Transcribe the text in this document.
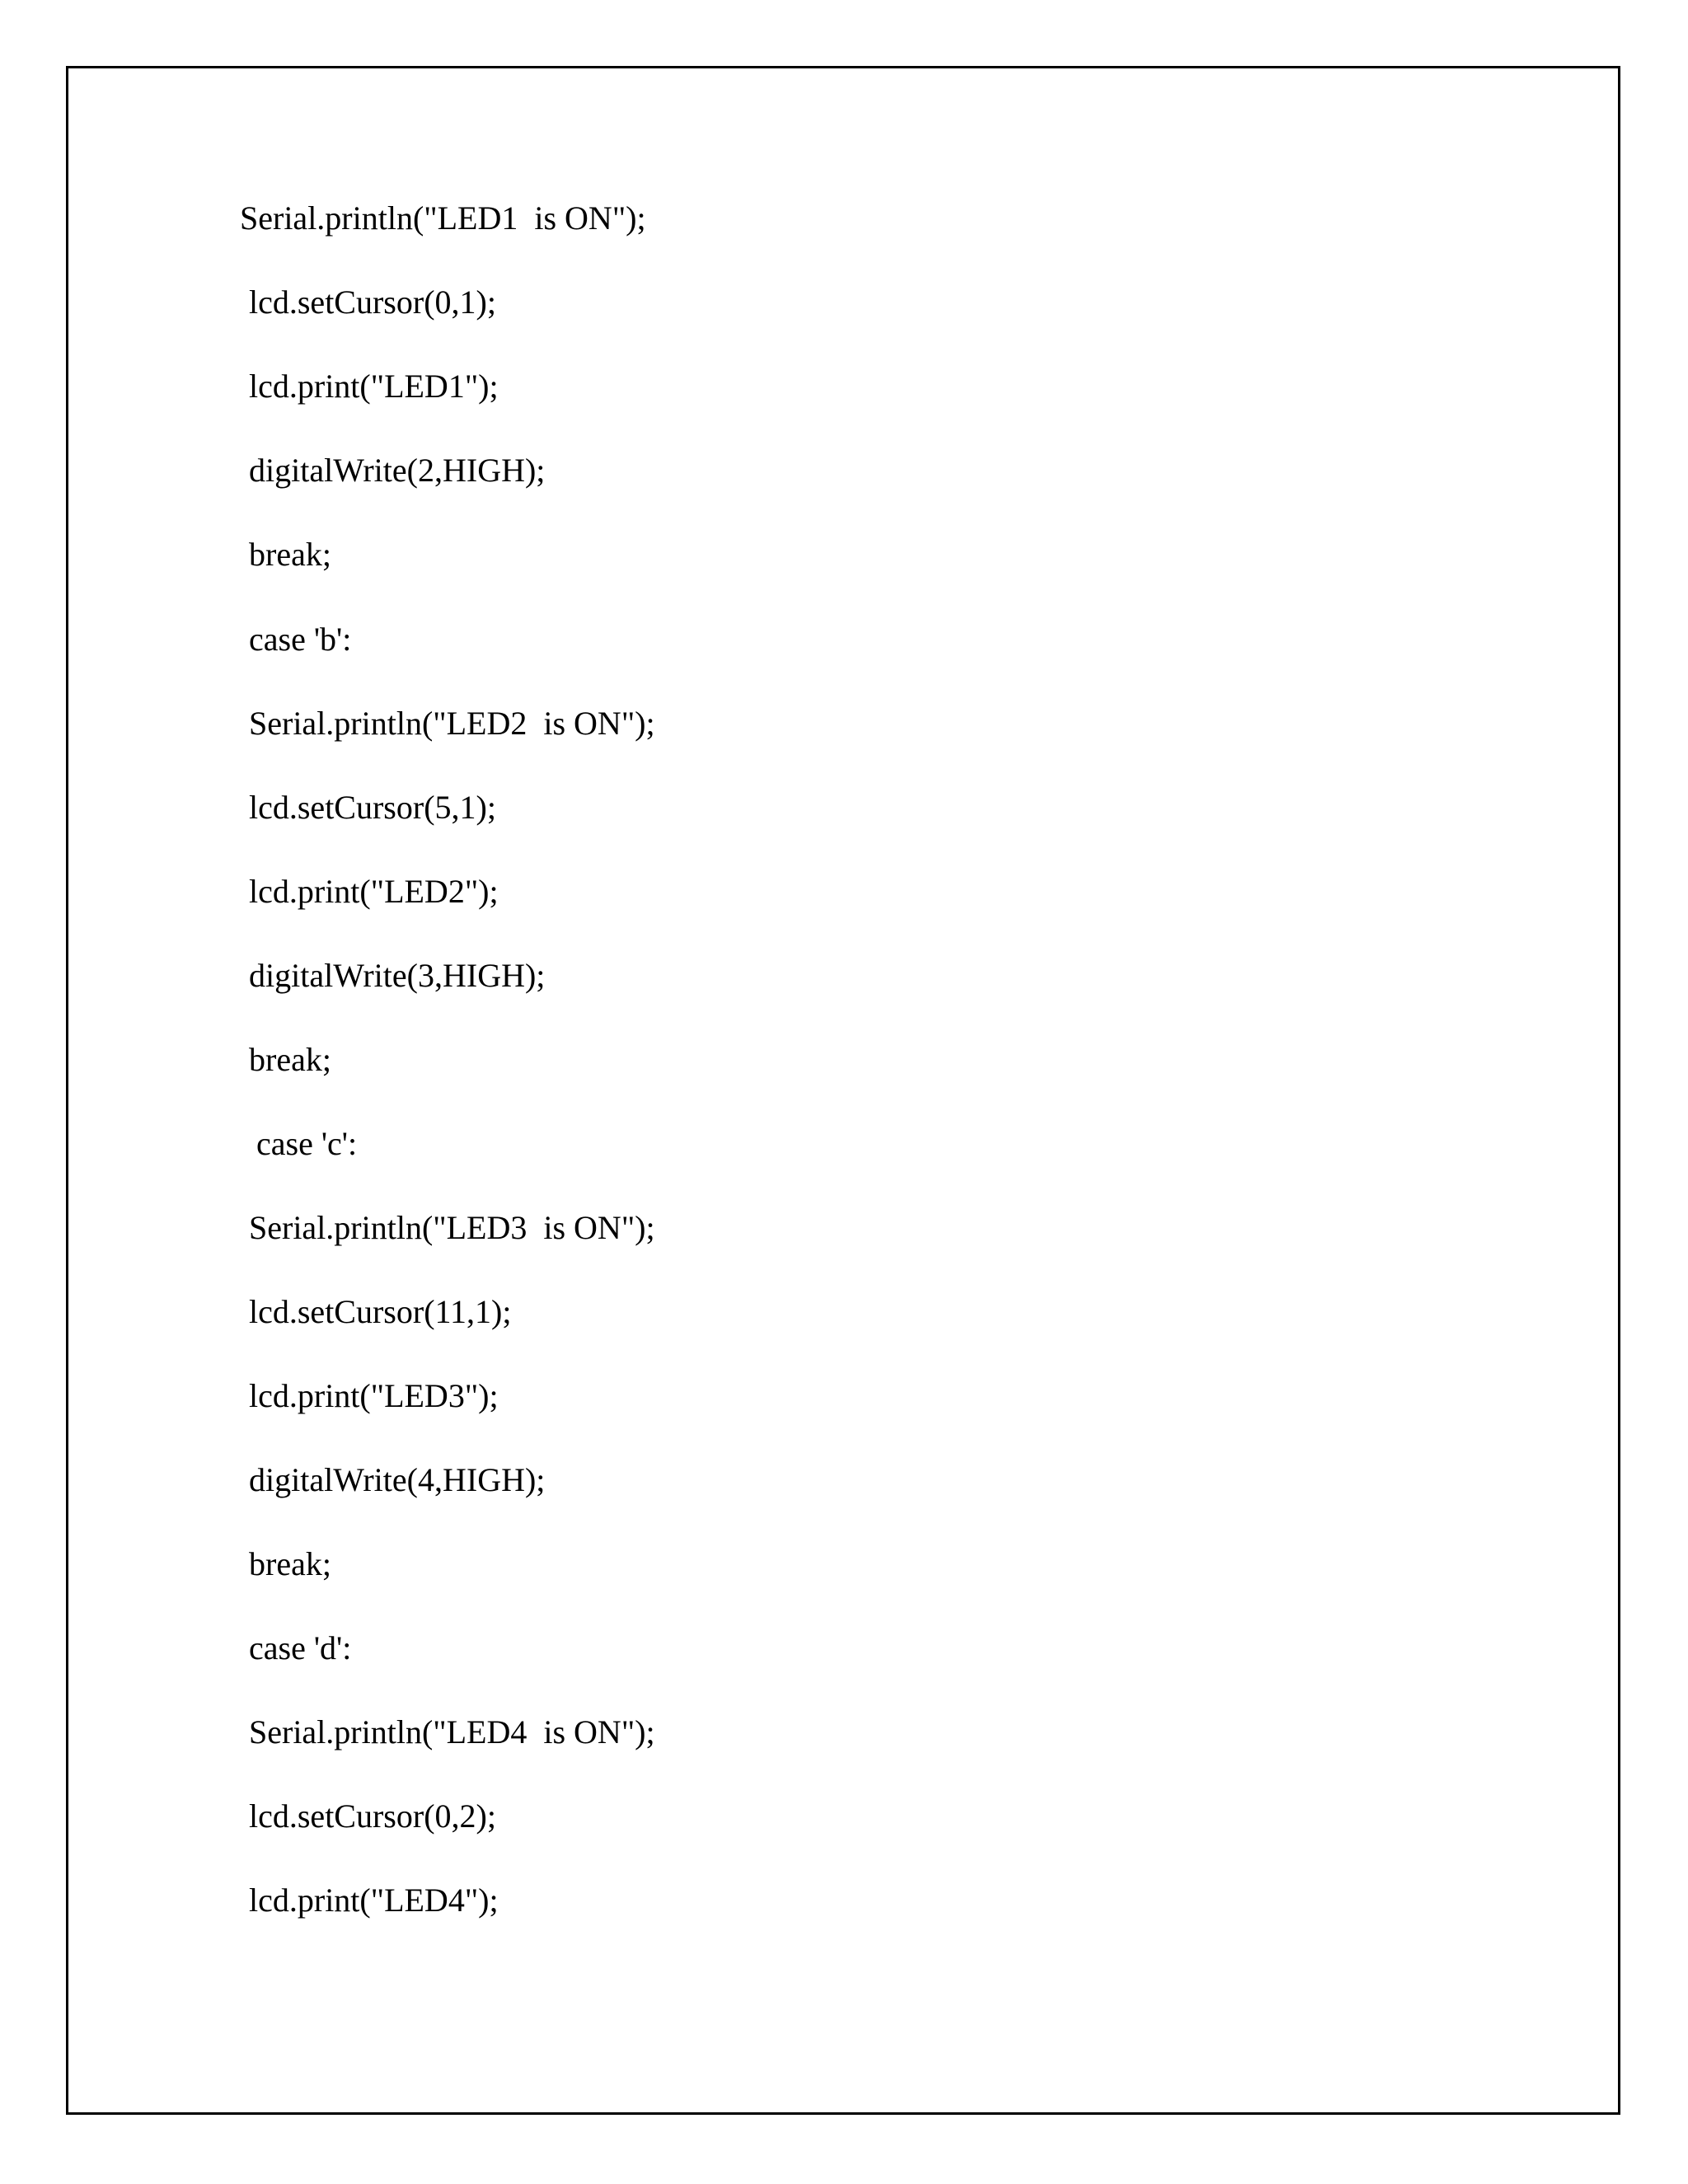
Serial.println("LED1  is ON");
lcd.setCursor(0,1);
lcd.print("LED1");
digitalWrite(2,HIGH);
break;
case 'b':
Serial.println("LED2  is ON");
lcd.setCursor(5,1);
lcd.print("LED2");
digitalWrite(3,HIGH);
break;
case 'c':
Serial.println("LED3  is ON");
lcd.setCursor(11,1);
lcd.print("LED3");
digitalWrite(4,HIGH);
break;
case 'd':
Serial.println("LED4  is ON");
lcd.setCursor(0,2);
lcd.print("LED4");
